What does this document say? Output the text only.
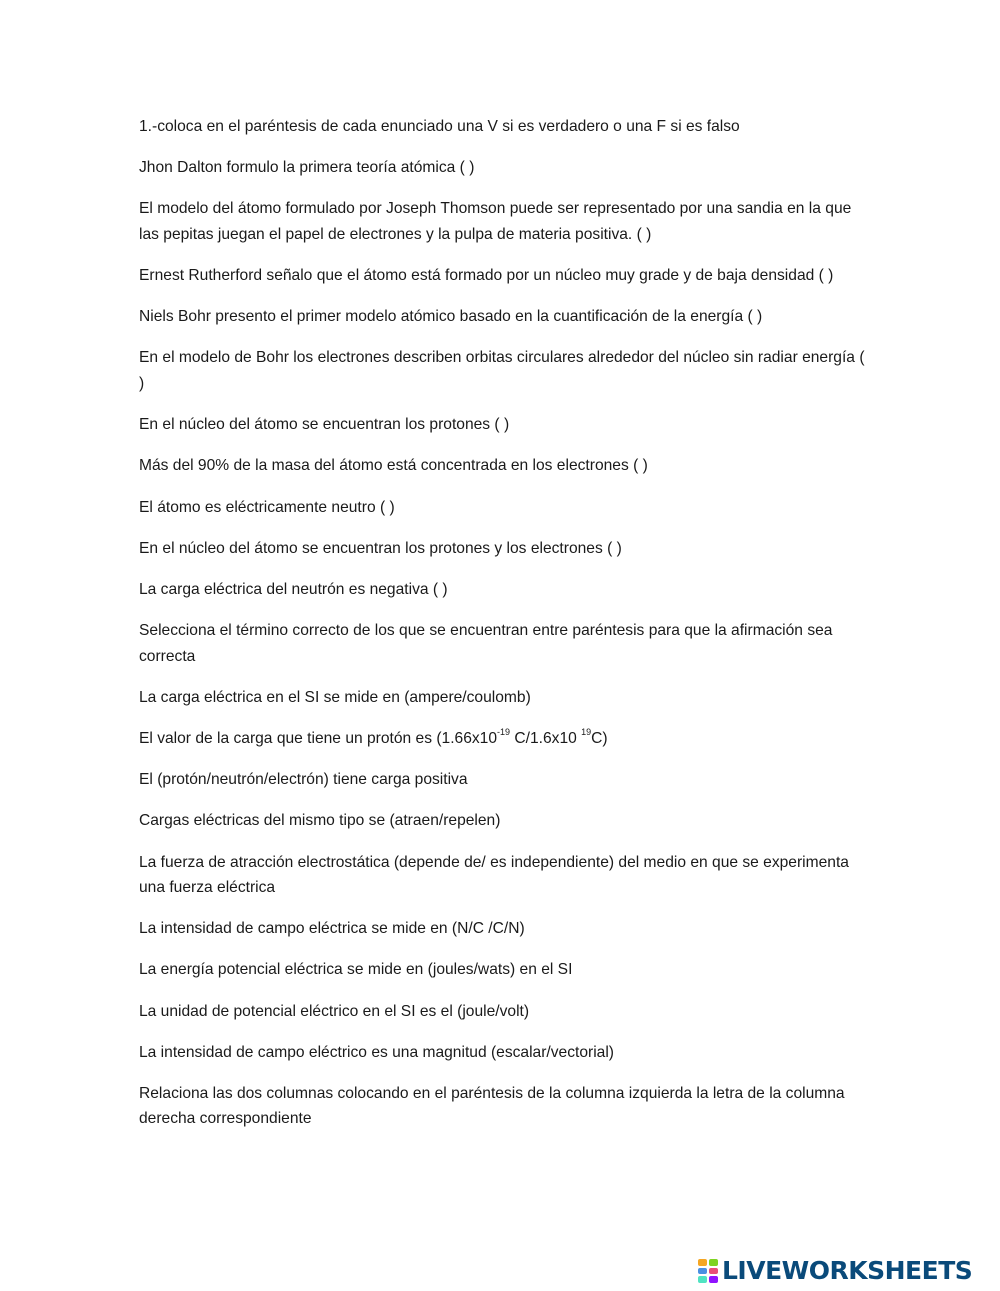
1.-coloca en el paréntesis de cada enunciado una V si es verdadero o una F si es falso

Jhon Dalton formulo la primera teoría atómica ( )

El modelo del átomo formulado por Joseph Thomson puede ser representado por una sandia en la que las pepitas juegan el papel de electrones y la pulpa de materia positiva. ( )

Ernest Rutherford señalo que el átomo está formado por un núcleo muy grade y de baja densidad ( )

Niels Bohr presento el primer modelo atómico basado en la cuantificación de la energía ( )

En el modelo de Bohr los electrones describen orbitas circulares alrededor del núcleo sin radiar energía ( )

En el núcleo del átomo se encuentran los protones ( )

Más del 90% de la masa del átomo está concentrada en los electrones ( )

El átomo es eléctricamente neutro ( )

En el núcleo del átomo se encuentran los protones y los electrones ( )

La carga eléctrica del neutrón es negativa ( )

Selecciona el término correcto de los que se encuentran entre paréntesis para que la afirmación sea correcta

La carga eléctrica en el SI se mide en (ampere/coulomb)

El valor de la carga que tiene un protón es ($1.66x10^{-19}$ C/1.6x10 $^{19}$C)

El (protón/neutrón/electrón) tiene carga positiva

Cargas eléctricas del mismo tipo se (atraen/repelen)

La fuerza de atracción electrostática (depende de/ es independiente) del medio en que se experimenta una fuerza eléctrica

La intensidad de campo eléctrica se mide en (N/C /C/N)

La energía potencial eléctrica se mide en (joules/wats) en el SI

La unidad de potencial eléctrico en el SI es el (joule/volt)

La intensidad de campo eléctrico es una magnitud (escalar/vectorial)

Relaciona las dos columnas colocando en el paréntesis de la columna izquierda la letra de la columna derecha correspondiente

LIVEWORKSHEETS
